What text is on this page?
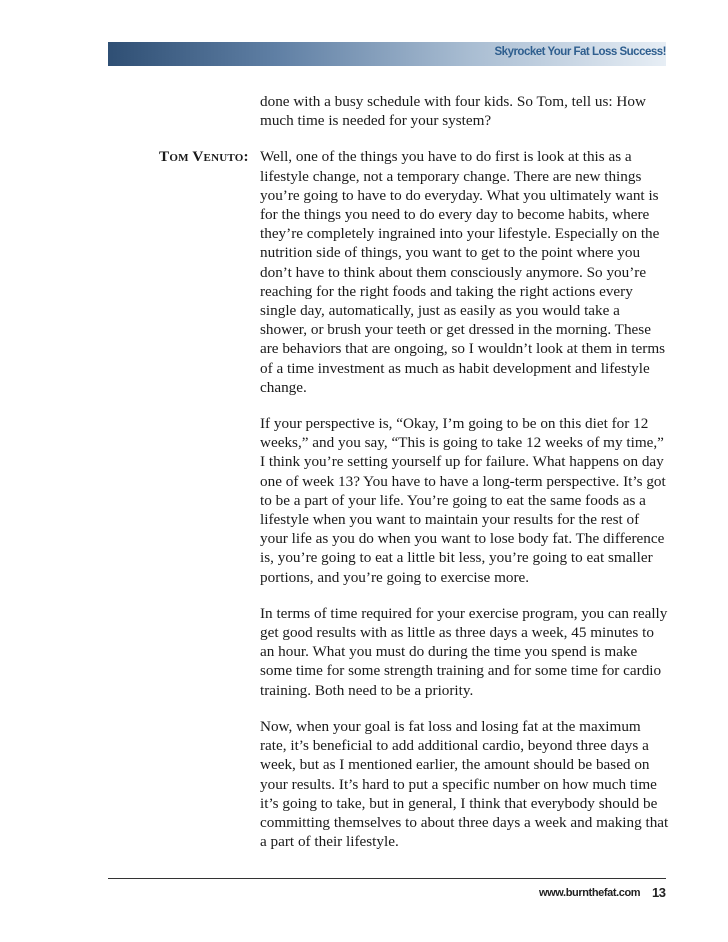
Skyrocket Your Fat Loss Success!

done with a busy schedule with four kids. So Tom, tell us: How much time is needed for your system?

Tom Venuto: Well, one of the things you have to do first is look at this as a lifestyle change, not a temporary change. There are new things you’re going to have to do everyday. What you ultimately want is for the things you need to do every day to become habits, where they’re completely ingrained into your lifestyle. Especially on the nutrition side of things, you want to get to the point where you don’t have to think about them consciously anymore. So you’re reaching for the right foods and taking the right actions every single day, automatically, just as easily as you would take a shower, or brush your teeth or get dressed in the morning. These are behaviors that are ongoing, so I wouldn’t look at them in terms of a time investment as much as habit development and lifestyle change.

If your perspective is, “Okay, I’m going to be on this diet for 12 weeks,” and you say, “This is going to take 12 weeks of my time,” I think you’re setting yourself up for failure. What happens on day one of week 13? You have to have a long-term perspective. It’s got to be a part of your life. You’re going to eat the same foods as a lifestyle when you want to maintain your results for the rest of your life as you do when you want to lose body fat. The difference is, you’re going to eat a little bit less, you’re going to eat smaller portions, and you’re going to exercise more.

In terms of time required for your exercise program, you can really get good results with as little as three days a week, 45 minutes to an hour. What you must do during the time you spend is make some time for some strength training and for some time for cardio training. Both need to be a priority.

Now, when your goal is fat loss and losing fat at the maximum rate, it’s beneficial to add additional cardio, beyond three days a week, but as I mentioned earlier, the amount should be based on your results. It’s hard to put a specific number on how much time it’s going to take, but in general, I think that everybody should be committing themselves to about three days a week and making that a part of their lifestyle.

www.burnthefat.com 13
